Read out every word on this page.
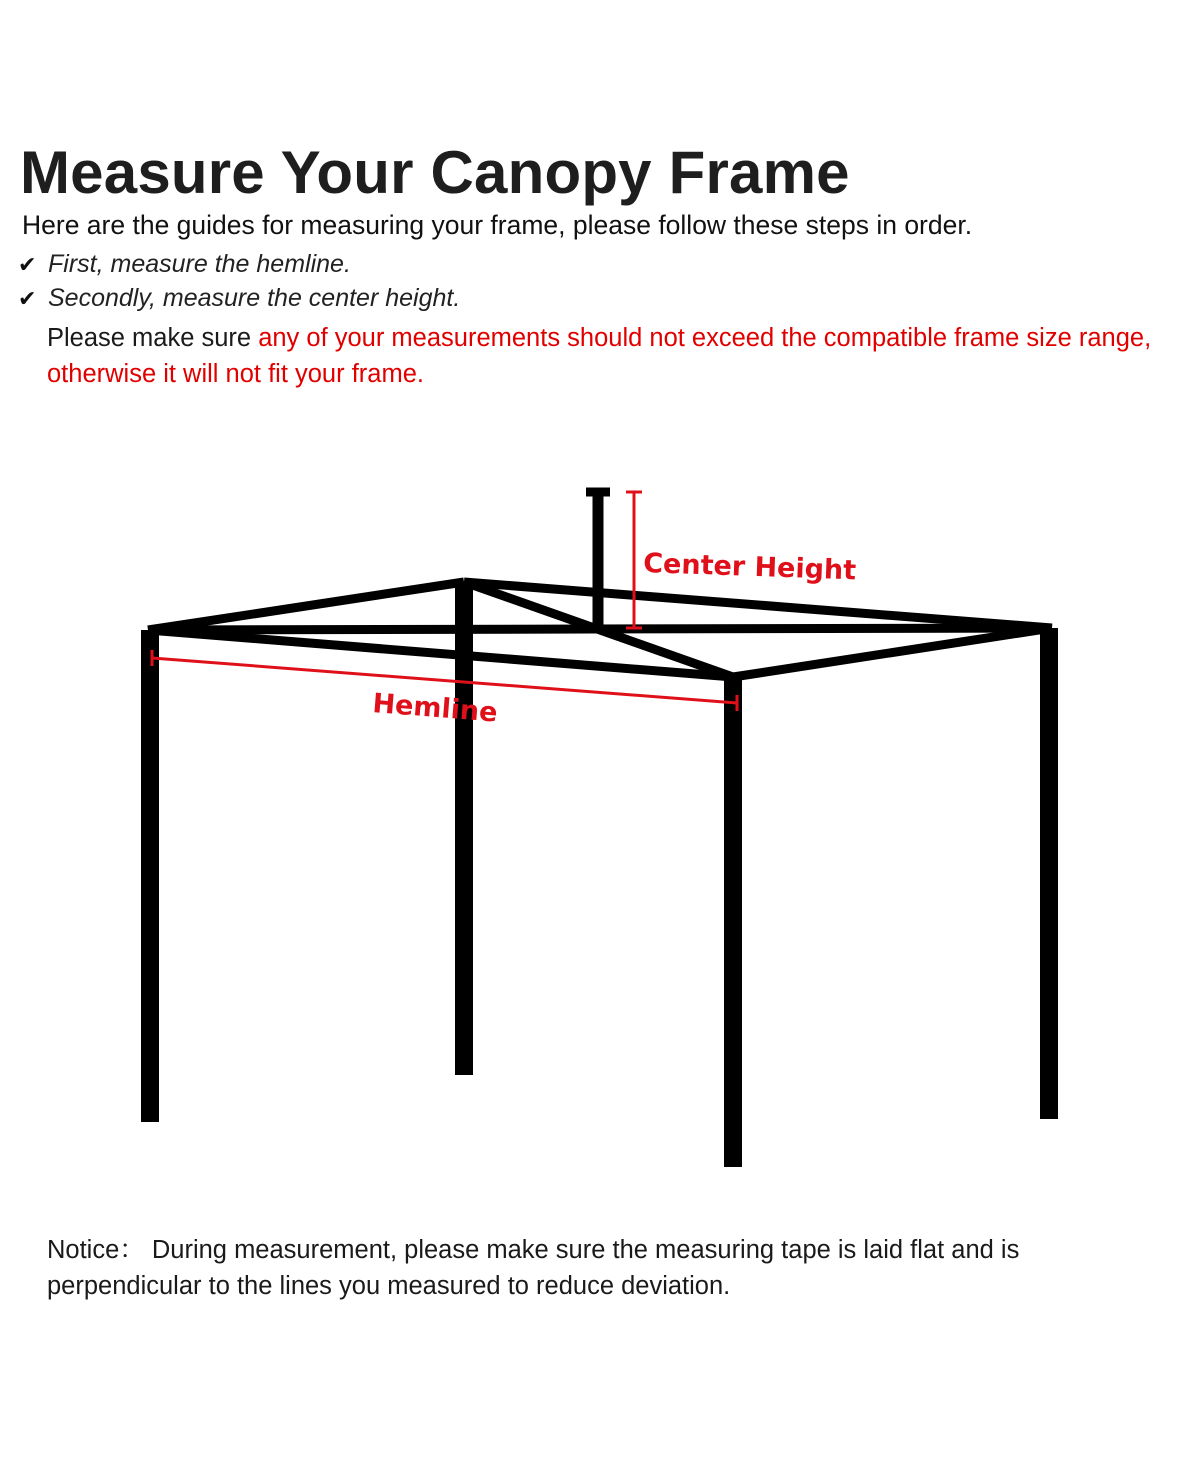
Measure Your Canopy Frame
Here are the guides for measuring your frame, please follow these steps in order.
✔ First, measure the hemline.
✔ Secondly, measure the center height.
Please make sure any of your measurements should not exceed the compatible frame size range, otherwise it will not fit your frame.
Center Height
Hemline
Notice： During measurement, please make sure the measuring tape is laid flat and is perpendicular to the lines you measured to reduce deviation.
